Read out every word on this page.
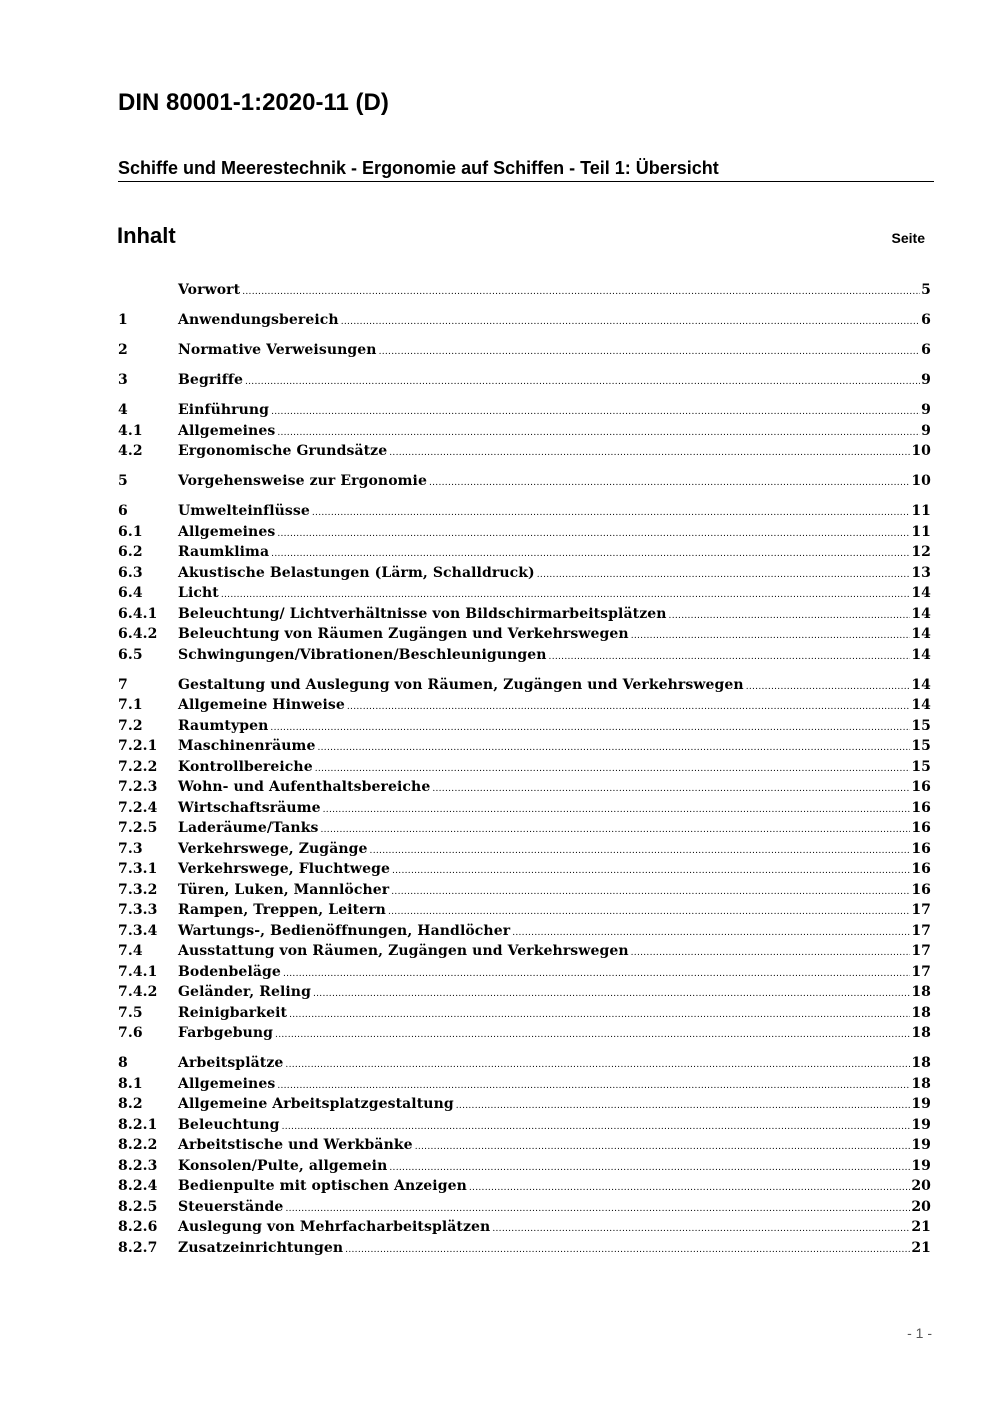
DIN 80001-1:2020-11 (D)
Schiffe und Meerestechnik - Ergonomie auf Schiffen - Teil 1: Übersicht
Inhalt	Seite
Vorwort .....	5
1	Anwendungsbereich .....	6
2	Normative Verweisungen .....	6
3	Begriffe .....	9
4	Einführung .....	9
4.1	Allgemeines .....	9
4.2	Ergonomische Grundsätze .....	10
5	Vorgehensweise zur Ergonomie .....	10
6	Umwelteinflüsse .....	11
6.1	Allgemeines .....	11
6.2	Raumklima .....	12
6.3	Akustische Belastungen (Lärm, Schalldruck) .....	13
6.4	Licht .....	14
6.4.1	Beleuchtung/ Lichtverhältnisse von Bildschirmarbeitsplätzen .....	14
6.4.2	Beleuchtung von Räumen Zugängen und Verkehrswegen .....	14
6.5	Schwingungen/Vibrationen/Beschleunigungen .....	14
7	Gestaltung und Auslegung von Räumen, Zugängen und Verkehrswegen .....	14
7.1	Allgemeine Hinweise .....	14
7.2	Raumtypen .....	15
7.2.1	Maschinenräume .....	15
7.2.2	Kontrollbereiche .....	15
7.2.3	Wohn- und Aufenthaltsbereiche .....	16
7.2.4	Wirtschaftsräume .....	16
7.2.5	Laderäume/Tanks .....	16
7.3	Verkehrswege, Zugänge .....	16
7.3.1	Verkehrswege, Fluchtwege .....	16
7.3.2	Türen, Luken, Mannlöcher .....	16
7.3.3	Rampen, Treppen, Leitern .....	17
7.3.4	Wartungs-, Bedienöffnungen, Handlöcher .....	17
7.4	Ausstattung von Räumen, Zugängen und Verkehrswegen .....	17
7.4.1	Bodenbeläge .....	17
7.4.2	Geländer, Reling .....	18
7.5	Reinigbarkeit .....	18
7.6	Farbgebung .....	18
8	Arbeitsplätze .....	18
8.1	Allgemeines .....	18
8.2	Allgemeine Arbeitsplatzgestaltung .....	19
8.2.1	Beleuchtung .....	19
8.2.2	Arbeitstische und Werkbänke .....	19
8.2.3	Konsolen/Pulte, allgemein .....	19
8.2.4	Bedienpulte mit optischen Anzeigen .....	20
8.2.5	Steuerstände .....	20
8.2.6	Auslegung von Mehrfacharbeitsplätzen .....	21
8.2.7	Zusatzeinrichtungen .....	21
- 1 -
